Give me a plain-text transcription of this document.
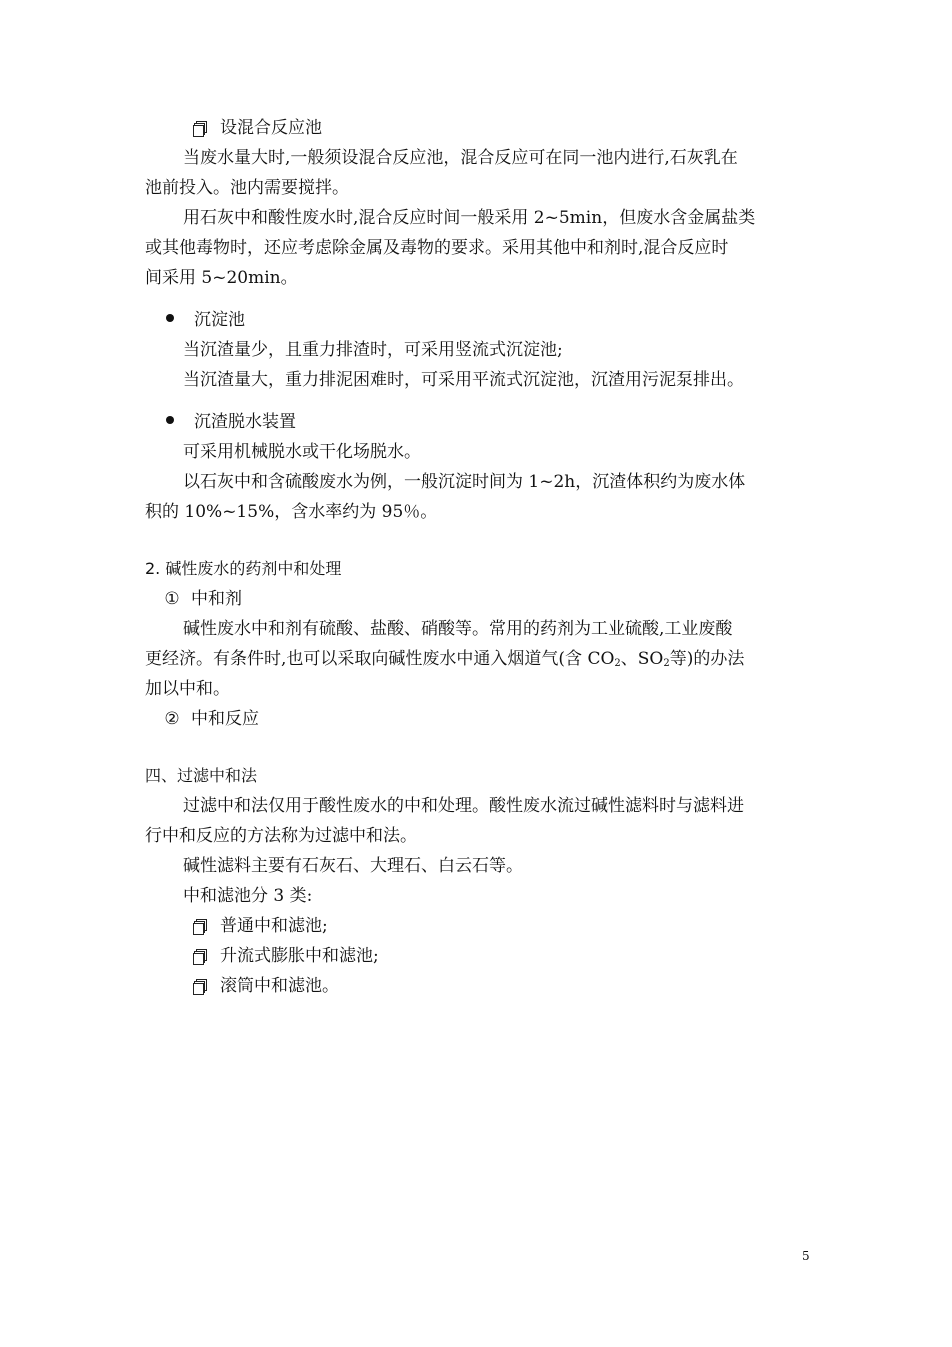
设混合反应池
当废水量大时,一般须设混合反应池，混合反应可在同一池内进行,石灰乳在
池前投入。池内需要搅拌。
用石灰中和酸性废水时,混合反应时间一般采用 2~5min，但废水含金属盐类
或其他毒物时，还应考虑除金属及毒物的要求。采用其他中和剂时,混合反应时
间采用 5~20min。
沉淀池
当沉渣量少，且重力排渣时，可采用竖流式沉淀池;
当沉渣量大，重力排泥困难时，可采用平流式沉淀池，沉渣用污泥泵排出。
沉渣脱水装置
可采用机械脱水或干化场脱水。
以石灰中和含硫酸废水为例，一般沉淀时间为 1~2h，沉渣体积约为废水体
积的 10%~15%，含水率约为 95％。
2. 碱性废水的药剂中和处理
① 中和剂
碱性废水中和剂有硫酸、盐酸、硝酸等。常用的药剂为工业硫酸,工业废酸
更经济。有条件时,也可以采取向碱性废水中通入烟道气(含 $CO_2$、$SO_2$等)的办法
加以中和。
② 中和反应
四、过滤中和法
过滤中和法仅用于酸性废水的中和处理。酸性废水流过碱性滤料时与滤料进
行中和反应的方法称为过滤中和法。
碱性滤料主要有石灰石、大理石、白云石等。
中和滤池分 3 类:
普通中和滤池;
升流式膨胀中和滤池;
滚筒中和滤池。
5
